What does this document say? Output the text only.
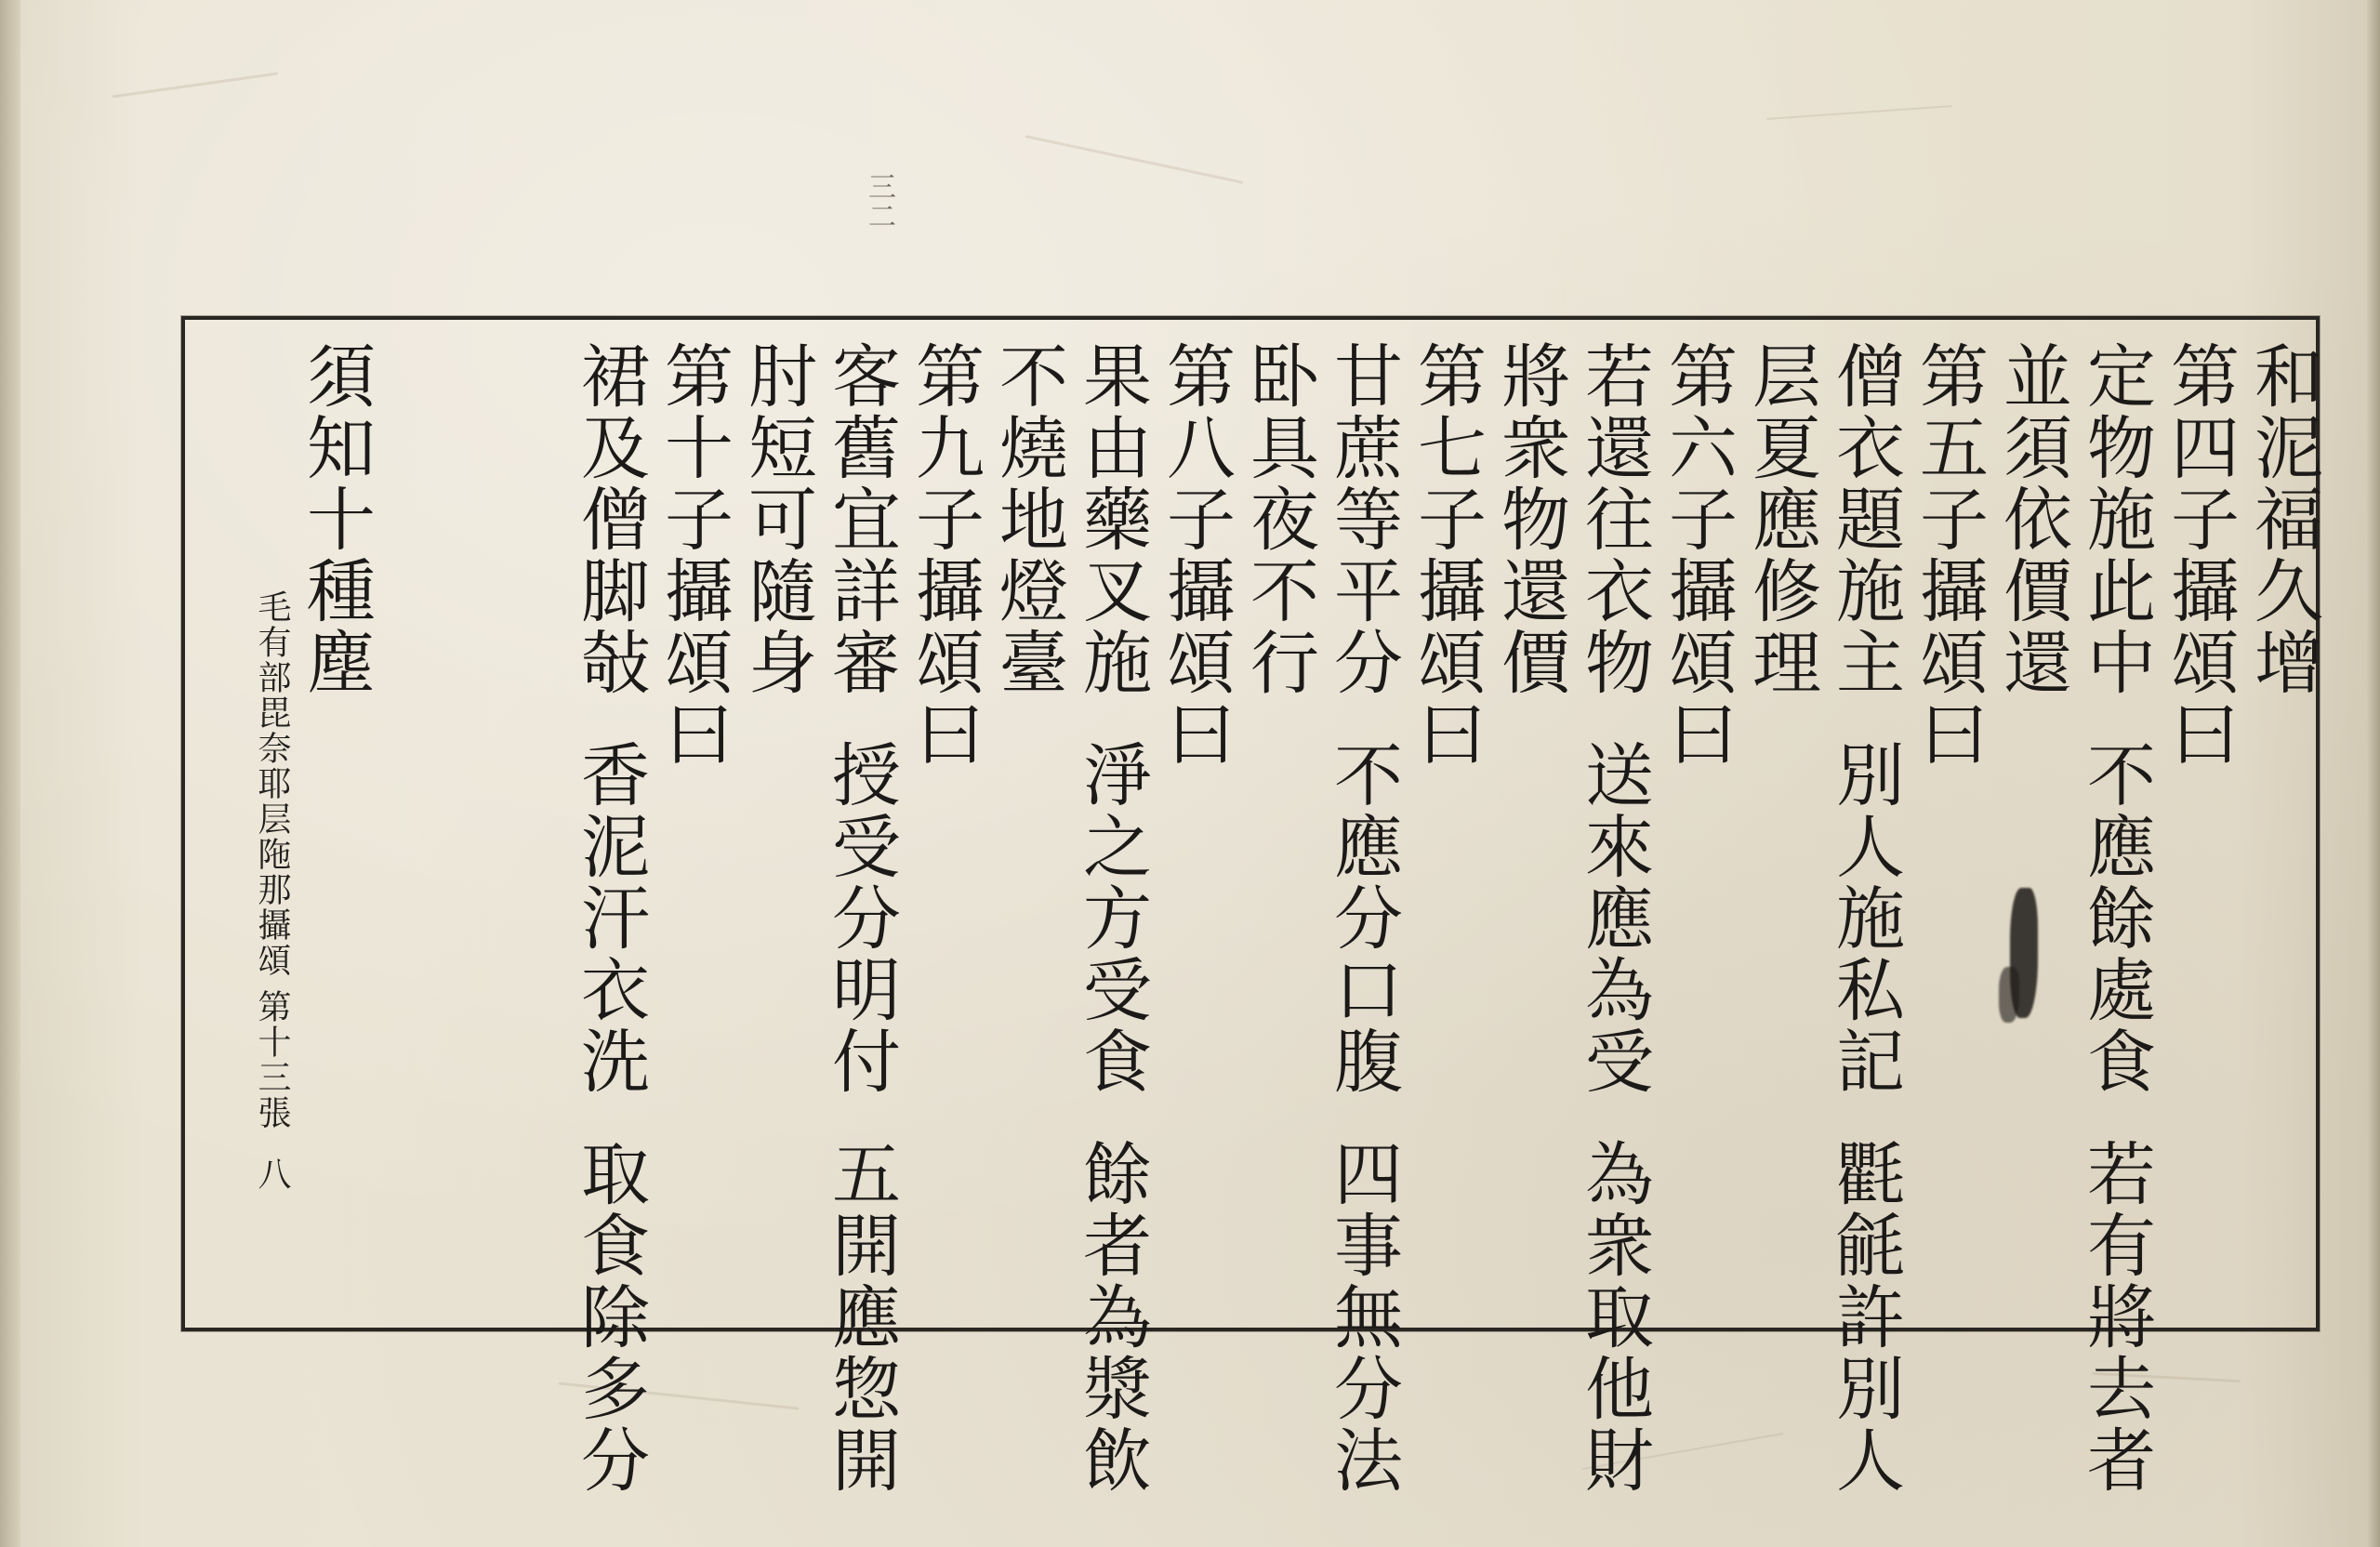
三二
和泥福久增
第四子攝頌曰
定物施此中不應餘處食若有將去者
並須依價還
第五子攝頌曰
僧衣題施主別人施私記氍毹許別人
层夏應修理
第六子攝頌曰
若還往衣物送來應為受為衆取他財
將衆物還價
第七子攝頌曰
甘蔗等平分不應分口腹四事無分法
卧具夜不行
第八子攝頌曰
果由藥叉施淨之方受食餘者為漿飲
不燒地燈臺
第九子攝頌曰
客舊宜詳審授受分明付五開應惣開
肘短可隨身
第十子攝頌曰
裙及僧脚敧香泥汗衣洗取食除多分
須知十種塵
毛有部毘奈耶层陁那攝頌
第十三張
八
